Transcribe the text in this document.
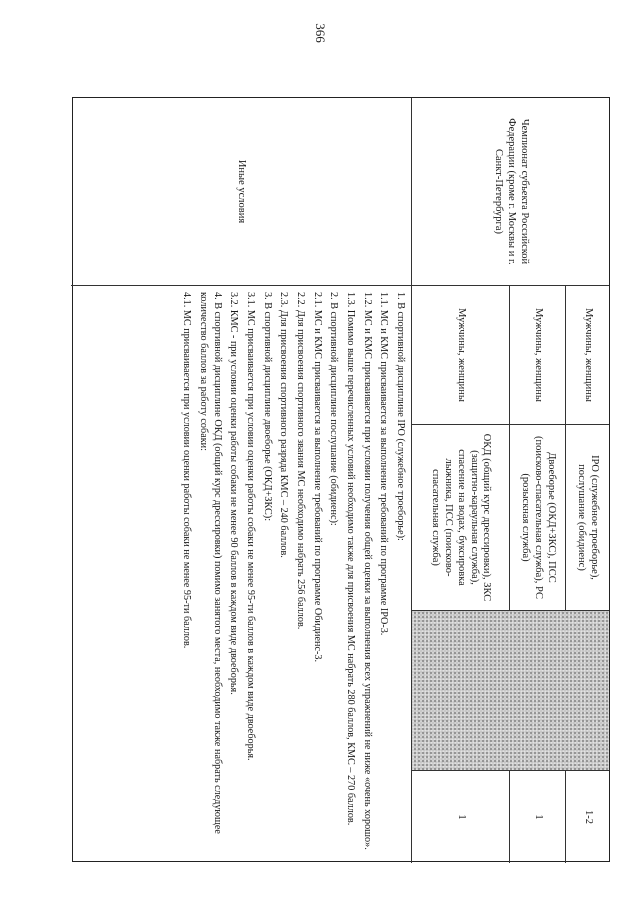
366
Чемпионат субъекта Российской Федерации (кроме г. Москвы и г. Санкт-Петербурга)
Мужчины, женщины
IPO (служебное троеборье), послушание (обидиенс)
1-2
Мужчины, женщины
Двоеборье (ОКД+ЗКС), ПСС (поисково-спасательная служба), РС (розыскная служба)
1
Мужчины, женщины
ОКД (общий курс дрессировки), ЗКС (защитно-караульная служба), спасение на водах, буксировка лыжника, ПСС (поисково-спасательная служба)
1
Иные условия

1. В спортивной дисциплине IPO (служебное троеборье):

1.1. МС и КМС присваивается за выполнение требований по программе IPO-3.

1.2. МС и КМС присваивается при условии получения общей оценки за выполнения всех упражнений не ниже «очень хорошо».

1.3. Помимо выше перечисленных условий необходимо также для присвоения МС набрать 280 баллов, КМС – 270 баллов.

2. В спортивной дисциплине послушание (обидиенс):

2.1. МС и КМС присваивается за выполнение требований по программе Обидиенс-3.

2.2. Для присвоения спортивного звания МС необходимо набрать 256 баллов.

2.3. Для присвоения спортивного разряда КМС – 240 баллов.

3. В спортивной дисциплине двоеборье (ОКД+ЗКС):

3.1. МС присваивается при условии оценки работы собаки не менее 95-ти баллов в каждом виде двоеборья.

3.2. КМС - при условии оценки работы собаки не менее 90 баллов в каждом виде двоеборья.

4. В спортивной дисциплине ОКД (общий курс дрессировки) помимо занятого места, необходимо также набрать следующее количество баллов за работу собаки:

4.1. МС присваивается при условии оценки работы собаки не менее 95-ти баллов.
